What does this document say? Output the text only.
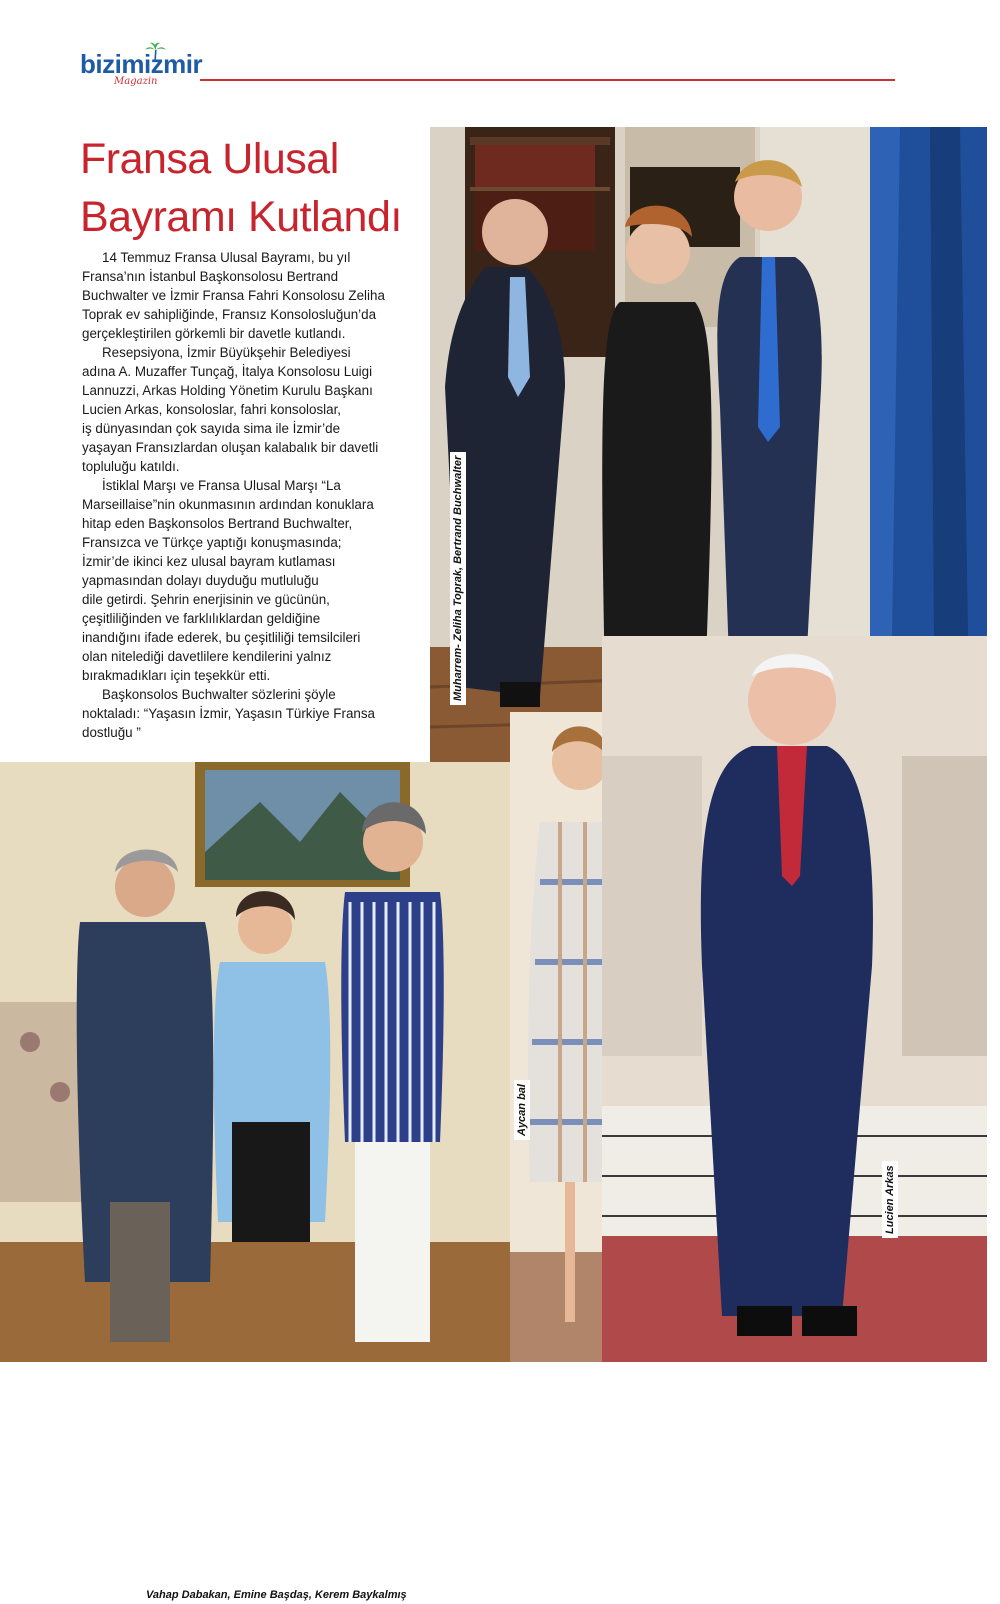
bizimizmir
Magazin
Fransa Ulusal
Bayramı Kutlandı

14 Temmuz Fransa Ulusal Bayramı, bu yıl
Fransa’nın İstanbul Başkonsolosu Bertrand
Buchwalter ve İzmir Fransa Fahri Konsolosu Zeliha
Toprak ev sahipliğinde, Fransız Konsolosluğun’da
gerçekleştirilen görkemli bir davetle kutlandı.

Resepsiyona, İzmir Büyükşehir Belediyesi
adına A. Muzaffer Tunçağ, İtalya Konsolosu Luigi
Lannuzzi, Arkas Holding Yönetim Kurulu Başkanı
Lucien Arkas, konsoloslar, fahri konsoloslar,
iş dünyasından çok sayıda sima ile İzmir’de
yaşayan Fransızlardan oluşan kalabalık bir davetli
topluluğu katıldı.

İstiklal Marşı ve Fransa Ulusal Marşı “La
Marseillaise”nin okunmasının ardından konuklara
hitap eden Başkonsolos Bertrand Buchwalter,
Fransızca ve Türkçe yaptığı konuşmasında;
İzmir’de ikinci kez ulusal bayram kutlaması
yapmasından dolayı duyduğu mutluluğu
dile getirdi. Şehrin enerjisinin ve gücünün,
çeşitliliğinden ve farklılıklardan geldiğine
inandığını ifade ederek, bu çeşitliliği temsilcileri
olan nitelediği davetlilere kendilerini yalnız
bırakmadıkları için teşekkür etti.

Başkonsolos Buchwalter sözlerini şöyle
noktaladı: “Yaşasın İzmir, Yaşasın Türkiye Fransa
dostluğu ”

Muharrem- Zeliha Toprak, Bertrand Buchwalter
Vahap Dabakan, Emine Başdaş, Kerem Baykalmış
Aycan bal
Lucien Arkas
